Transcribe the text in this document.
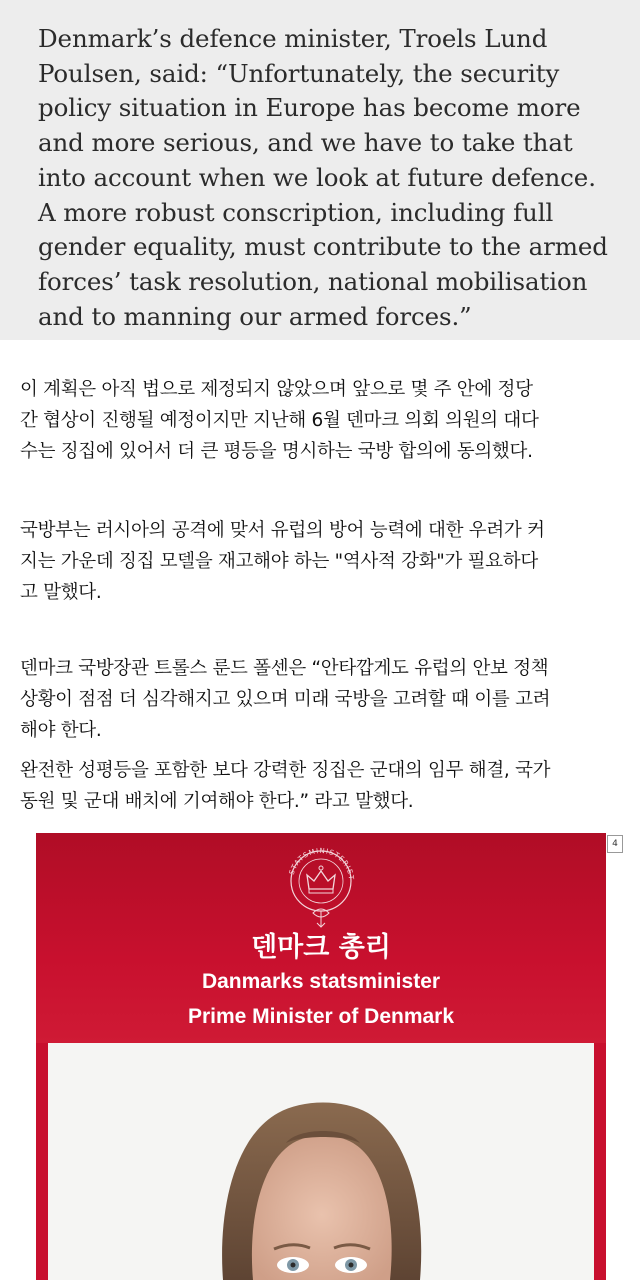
Denmark’s defence minister, Troels Lund
Poulsen, said: “Unfortunately, the security
policy situation in Europe has become more
and more serious, and we have to take that
into account when we look at future defence.
A more robust conscription, including full
gender equality, must contribute to the armed
forces’ task resolution, national mobilisation
and to manning our armed forces.”
이 계획은 아직 법으로 제정되지 않았으며 앞으로 몇 주 안에 정당
간 협상이 진행될 예정이지만 지난해 6월 덴마크 의회 의원의 대다
수는 징집에 있어서 더 큰 평등을 명시하는 국방 합의에 동의했다.
국방부는 러시아의 공격에 맞서 유럽의 방어 능력에 대한 우려가 커
지는 가운데 징집 모델을 재고해야 하는 "역사적 강화"가 필요하다
고 말했다.
덴마크 국방장관 트롤스 룬드 폴센은 “안타깝게도 유럽의 안보 정책
상황이 점점 더 심각해지고 있으며 미래 국방을 고려할 때 이를 고려
해야 한다.
완전한 성평등을 포함한 보다 강력한 징집은 군대의 임무 해결, 국가
동원 및 군대 배치에 기여해야 한다.” 라고 말했다.
STATSMINISTERIET
덴마크 총리
Danmarks statsminister
Prime Minister of Denmark
4
